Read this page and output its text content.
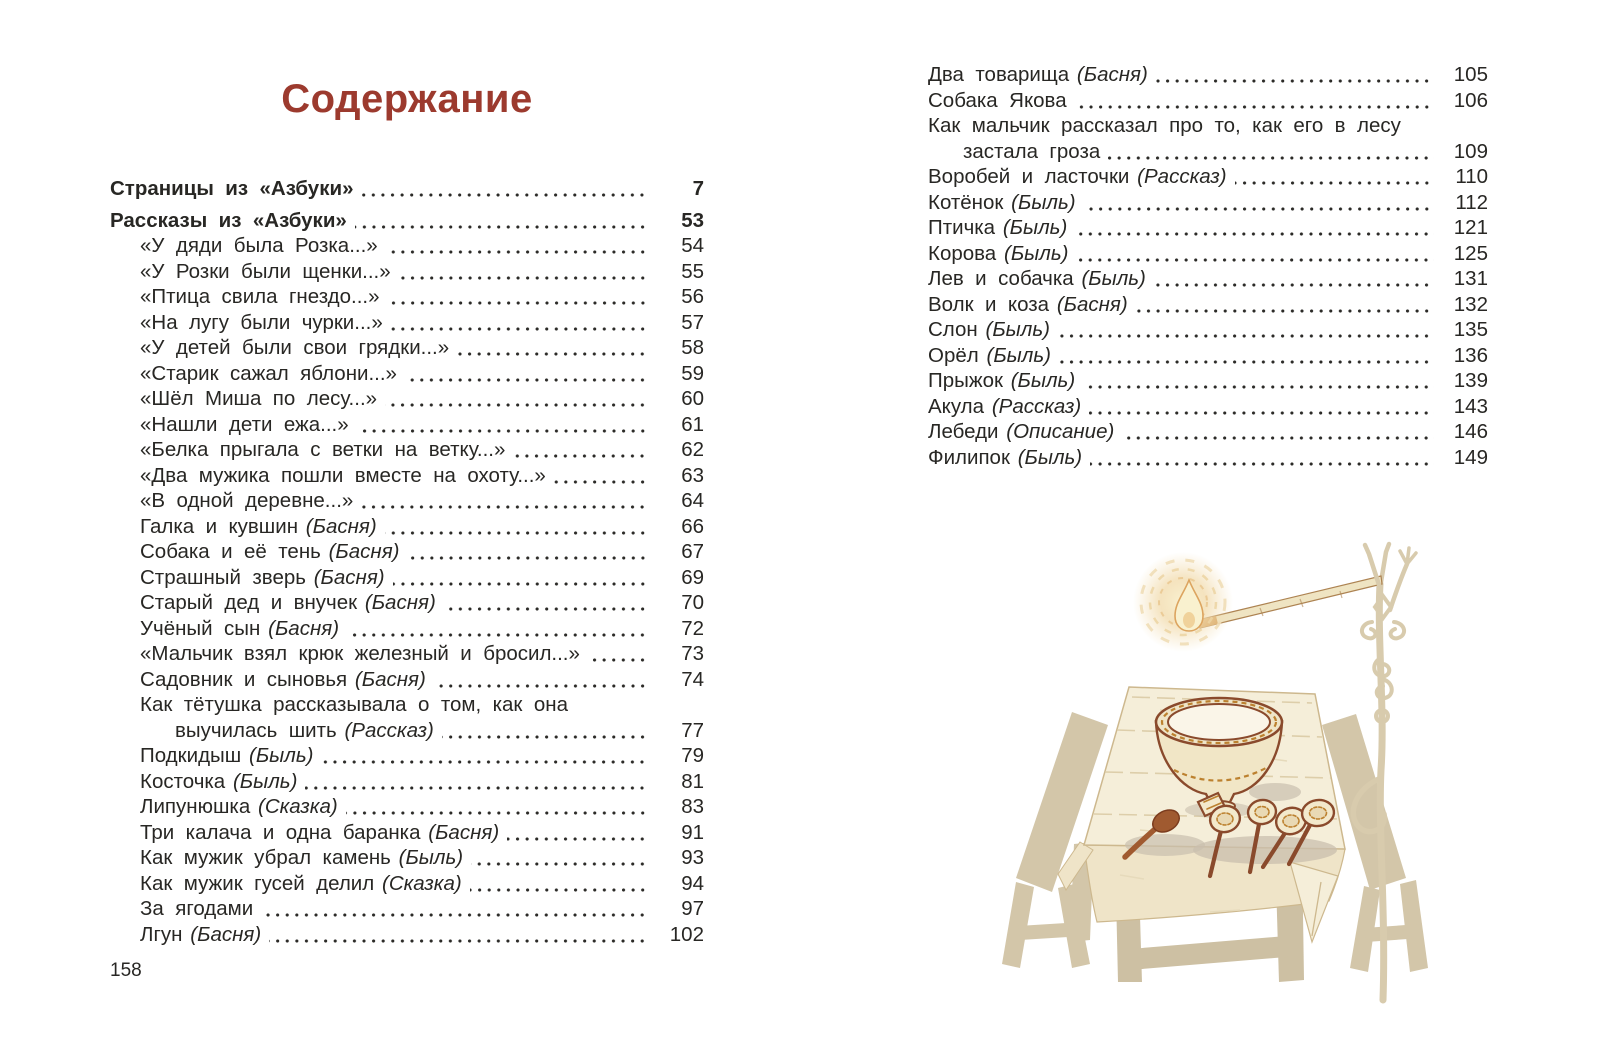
Содержание
Страницы из «Азбуки»	7
Рассказы из «Азбуки»	53
«У дяди была Розка...»	54
«У Розки были щенки...»	55
«Птица свила гнездо...»	56
«На лугу были чурки...»	57
«У детей были свои грядки...»	58
«Старик сажал яблони...»	59
«Шёл Миша по лесу...»	60
«Нашли дети ежа...»	61
«Белка прыгала с ветки на ветку...»	62
«Два мужика пошли вместе на охоту...»	63
«В одной деревне...»	64
Галка и кувшин (Басня)	66
Собака и её тень (Басня)	67
Страшный зверь (Басня)	69
Старый дед и внучек (Басня)	70
Учёный сын (Басня)	72
«Мальчик взял крюк железный и бросил...»	73
Садовник и сыновья (Басня)	74
Как тётушка рассказывала о том, как она
выучилась шить (Рассказ)	77
Подкидыш (Быль)	79
Косточка (Быль)	81
Липунюшка (Сказка)	83
Три калача и одна баранка (Басня)	91
Как мужик убрал камень (Быль)	93
Как мужик гусей делил (Сказка)	94
За ягодами	97
Лгун (Басня)	102
Два товарища (Басня)	105
Собака Якова	106
Как мальчик рассказал про то, как его в лесу
застала гроза	109
Воробей и ласточки (Рассказ)	110
Котёнок (Быль)	112
Птичка (Быль)	121
Корова (Быль)	125
Лев и собачка (Быль)	131
Волк и коза (Басня)	132
Слон (Быль)	135
Орёл (Быль)	136
Прыжок (Быль)	139
Акула (Рассказ)	143
Лебеди (Описание)	146
Филипок (Быль)	149
158
